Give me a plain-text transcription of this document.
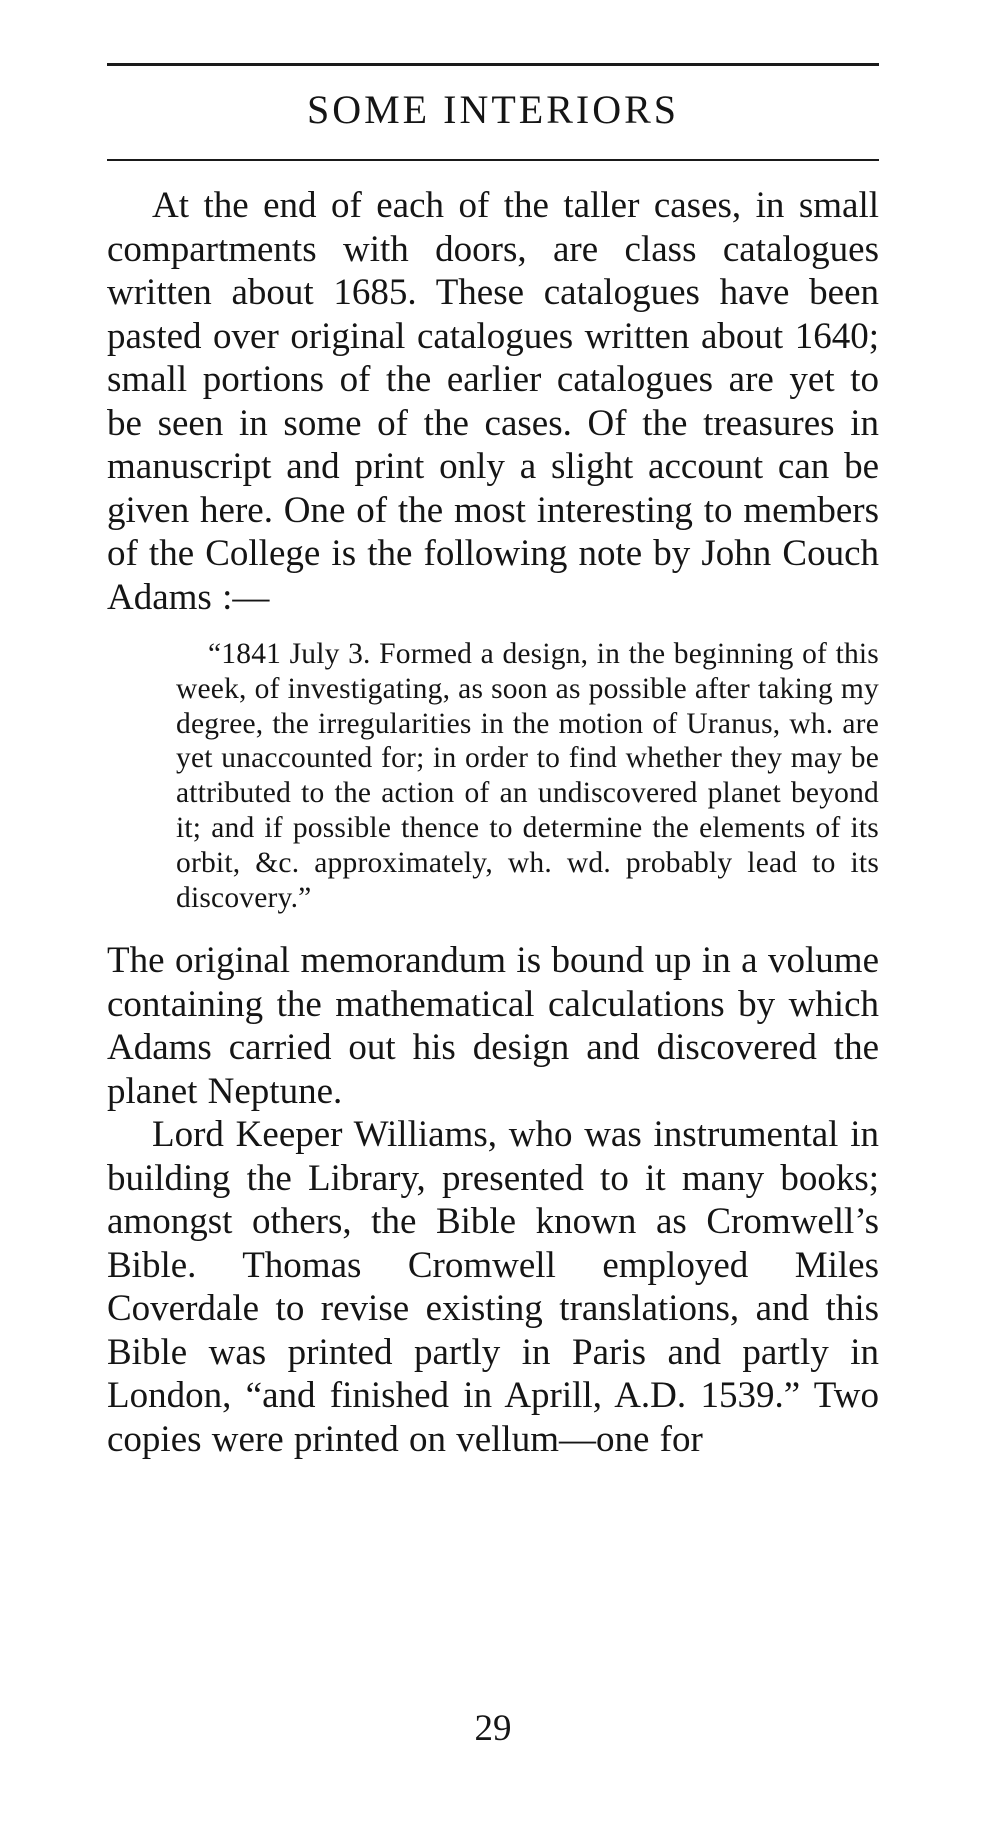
SOME INTERIORS

At the end of each of the taller cases, in small compartments with doors, are class catalogues written about 1685. These catalogues have been pasted over original catalogues written about 1640; small portions of the earlier catalogues are yet to be seen in some of the cases. Of the treasures in manuscript and print only a slight account can be given here. One of the most interesting to members of the College is the following note by John Couch Adams :—

“1841 July 3. Formed a design, in the beginning of this week, of investigating, as soon as possible after taking my degree, the irregularities in the motion of Uranus, wh. are yet unaccounted for; in order to find whether they may be attributed to the action of an undiscovered planet beyond it; and if possible thence to determine the elements of its orbit, &c. approximately, wh. wd. probably lead to its discovery.”

The original memorandum is bound up in a volume containing the mathematical calculations by which Adams carried out his design and discovered the planet Neptune.

Lord Keeper Williams, who was instrumental in building the Library, presented to it many books; amongst others, the Bible known as Cromwell’s Bible. Thomas Cromwell employed Miles Coverdale to revise existing translations, and this Bible was printed partly in Paris and partly in London, “and finished in Aprill, A.D. 1539.” Two copies were printed on vellum—one for

29
